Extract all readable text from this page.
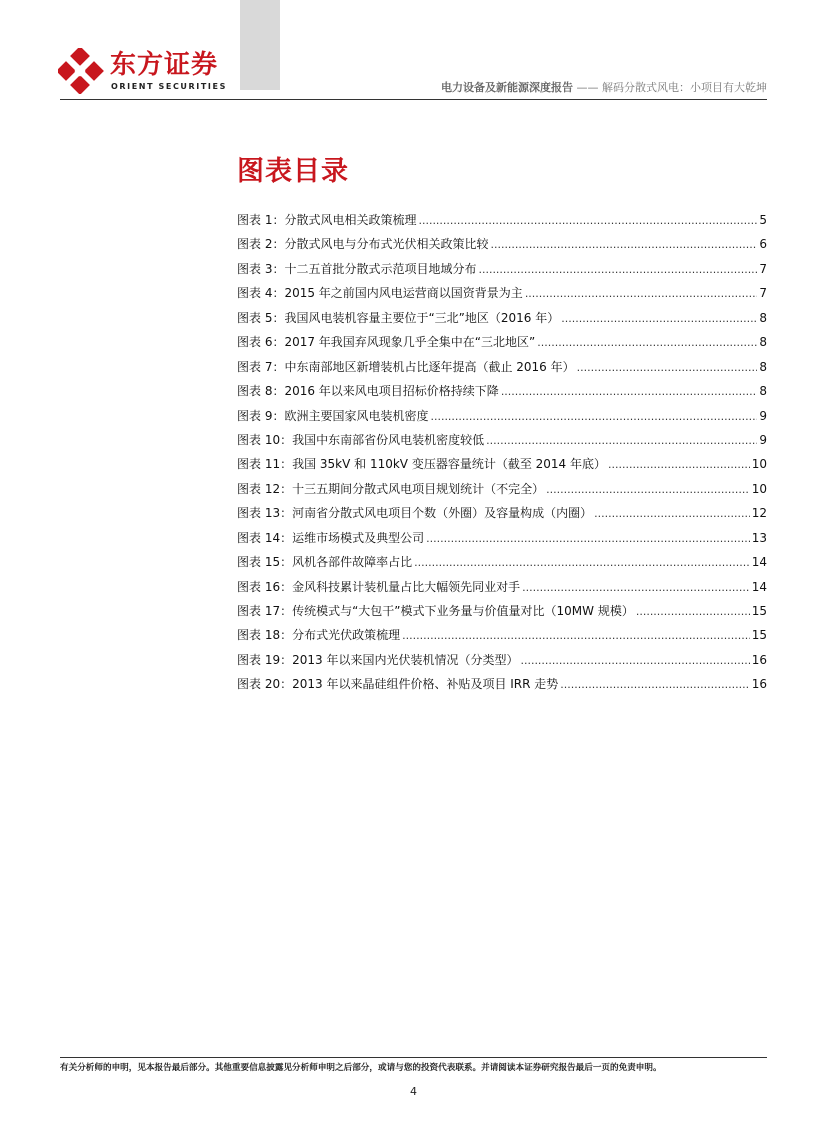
东方证券
ORIENT SECURITIES	电力设备及新能源深度报告 —— 解码分散式风电：小项目有大乾坤
图表目录
图表 1：分散式风电相关政策梳理 .....	5
图表 2：分散式风电与分布式光伏相关政策比较 .....	6
图表 3：十二五首批分散式示范项目地域分布 .....	7
图表 4：2015 年之前国内风电运营商以国资背景为主 .....	7
图表 5：我国风电装机容量主要位于“三北”地区（2016 年） .....	8
图表 6：2017 年我国弃风现象几乎全集中在“三北地区” .....	8
图表 7：中东南部地区新增装机占比逐年提高（截止 2016 年） .....	8
图表 8：2016 年以来风电项目招标价格持续下降 .....	8
图表 9：欧洲主要国家风电装机密度 .....	9
图表 10：我国中东南部省份风电装机密度较低 .....	9
图表 11：我国 35kV 和 110kV 变压器容量统计（截至 2014 年底） .....	10
图表 12：十三五期间分散式风电项目规划统计（不完全） .....	10
图表 13：河南省分散式风电项目个数（外圈）及容量构成（内圈） .....	12
图表 14：运维市场模式及典型公司 .....	13
图表 15：风机各部件故障率占比 .....	14
图表 16：金风科技累计装机量占比大幅领先同业对手 .....	14
图表 17：传统模式与“大包干”模式下业务量与价值量对比（10MW 规模） .....	15
图表 18：分布式光伏政策梳理 .....	15
图表 19：2013 年以来国内光伏装机情况（分类型） .....	16
图表 20：2013 年以来晶硅组件价格、补贴及项目 IRR 走势 .....	16
有关分析师的申明，见本报告最后部分。其他重要信息披露见分析师申明之后部分，或请与您的投资代表联系。并请阅读本证券研究报告最后一页的免责申明。
4
